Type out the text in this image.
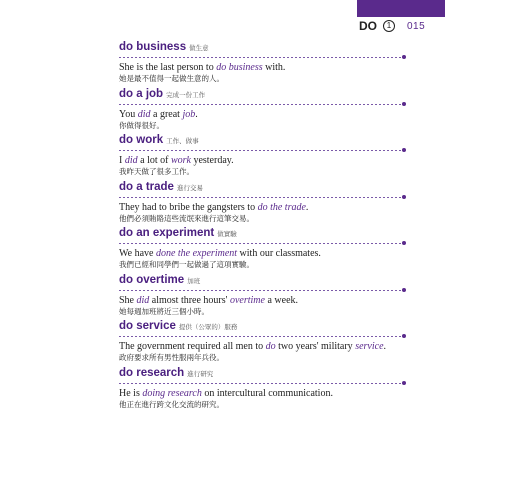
DO	1	015
do business 做生意
She is the last person to do business with.
她是最不值得一起做生意的人。
do a job 完成一份工作
You did a great job.
你做得很好。
do work 工作、做事
I did a lot of work yesterday.
我昨天做了很多工作。
do a trade 進行交易
They had to bribe the gangsters to do the trade.
他們必須賄賂這些流氓來進行這筆交易。
do an experiment 做實驗
We have done the experiment with our classmates.
我們已經和同學們一起做過了這項實驗。
do overtime 加班
She did almost three hours' overtime a week.
她每週加班將近三個小時。
do service 提供（公眾的）服務
The government required all men to do two years' military service.
政府要求所有男性服兩年兵役。
do research 進行研究
He is doing research on intercultural communication.
他正在進行跨文化交流的研究。
